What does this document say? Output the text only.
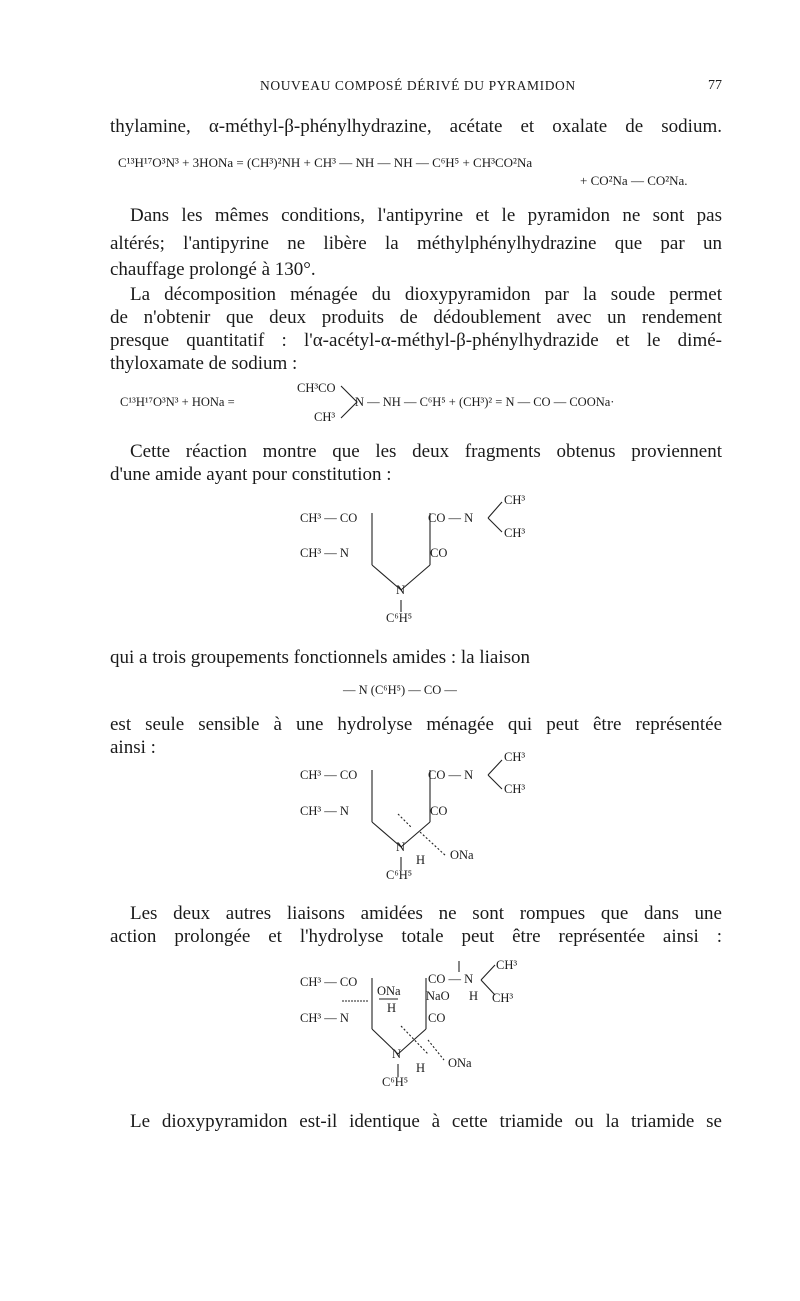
NOUVEAU COMPOSÉ DÉRIVÉ DU PYRAMIDON	77
thylamine, α-méthyl-β-phénylhydrazine, acétate et oxalate de sodium.
C¹³H¹⁷O³N³ + 3HONa = (CH³)²NH + CH³ — NH — NH — C⁶H⁵ + CH³CO²Na
+ CO²Na — CO²Na.
Dans les mêmes conditions, l'antipyrine et le pyramidon ne sont pas
altérés; l'antipyrine ne libère la méthylphénylhydrazine que par un
chauffage prolongé à 130°.
La décomposition ménagée du dioxypyramidon par la soude permet
de n'obtenir que deux produits de dédoublement avec un rendement
presque quantitatif : l'α-acétyl-α-méthyl-β-phénylhydrazide et le dimé-
thyloxamate de sodium :
C¹³H¹⁷O³N³ + HONa =
CH³CO
CH³
N — NH — C⁶H⁵ + (CH³)² = N — CO — COONa·
Cette réaction montre que les deux fragments obtenus proviennent
d'une amide ayant pour constitution :
CH³ — CO	CO — N
CH³
CH³
CH³ — N	CO
N
C⁶H⁵
qui a trois groupements fonctionnels amides : la liaison
— N (C⁶H⁵) — CO —
est seule sensible à une hydrolyse ménagée qui peut être représentée
ainsi :
CH³ — CO	CO — N
CH³
CH³
CH³ — N	CO
N
C⁶H⁵
H ONa
Les deux autres liaisons amidées ne sont rompues que dans une
action prolongée et l'hydrolyse totale peut être représentée ainsi :
CH³ — CO	CO — N
CH³
CH³
CH³ — N	CO
N
C⁶H⁵
H ONa
ONa
H
NaO H
Le dioxypyramidon est-il identique à cette triamide ou la triamide se
